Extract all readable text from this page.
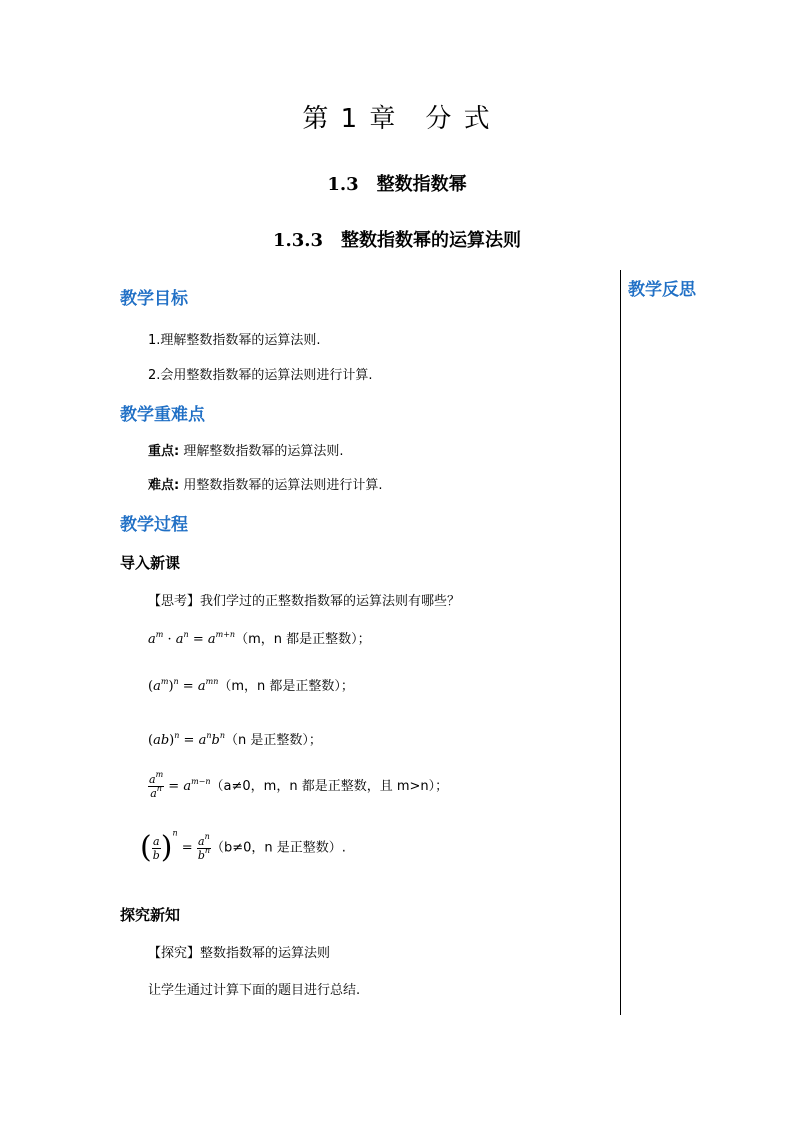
第 1 章　分 式
1.3　整数指数幂
1.3.3　整数指数幂的运算法则
教学反思
教学目标
1.理解整数指数幂的运算法则.
2.会用整数指数幂的运算法则进行计算.
教学重难点
重点: 理解整数指数幂的运算法则.
难点: 用整数指数幂的运算法则进行计算.
教学过程
导入新课
【思考】我们学过的正整数指数幂的运算法则有哪些？
$a^m \cdot a^n = a^{m+n}(m$，n 都是正整数）；
$(a^m)^n = a^{mn}(m$，n 都是正整数）；
$(ab)^n = a^nb^n(n$ 是正整数）；
$\frac{a^m}{a^n} = a^{m-n}(a\ne 0$，m，n 都是正整数，且 m>n）；
( $\frac{a}{b} )^n = \frac{a^n}{b^n} (b\ne 0$，n 是正整数）.
探究新知
【探究】整数指数幂的运算法则
让学生通过计算下面的题目进行总结.
